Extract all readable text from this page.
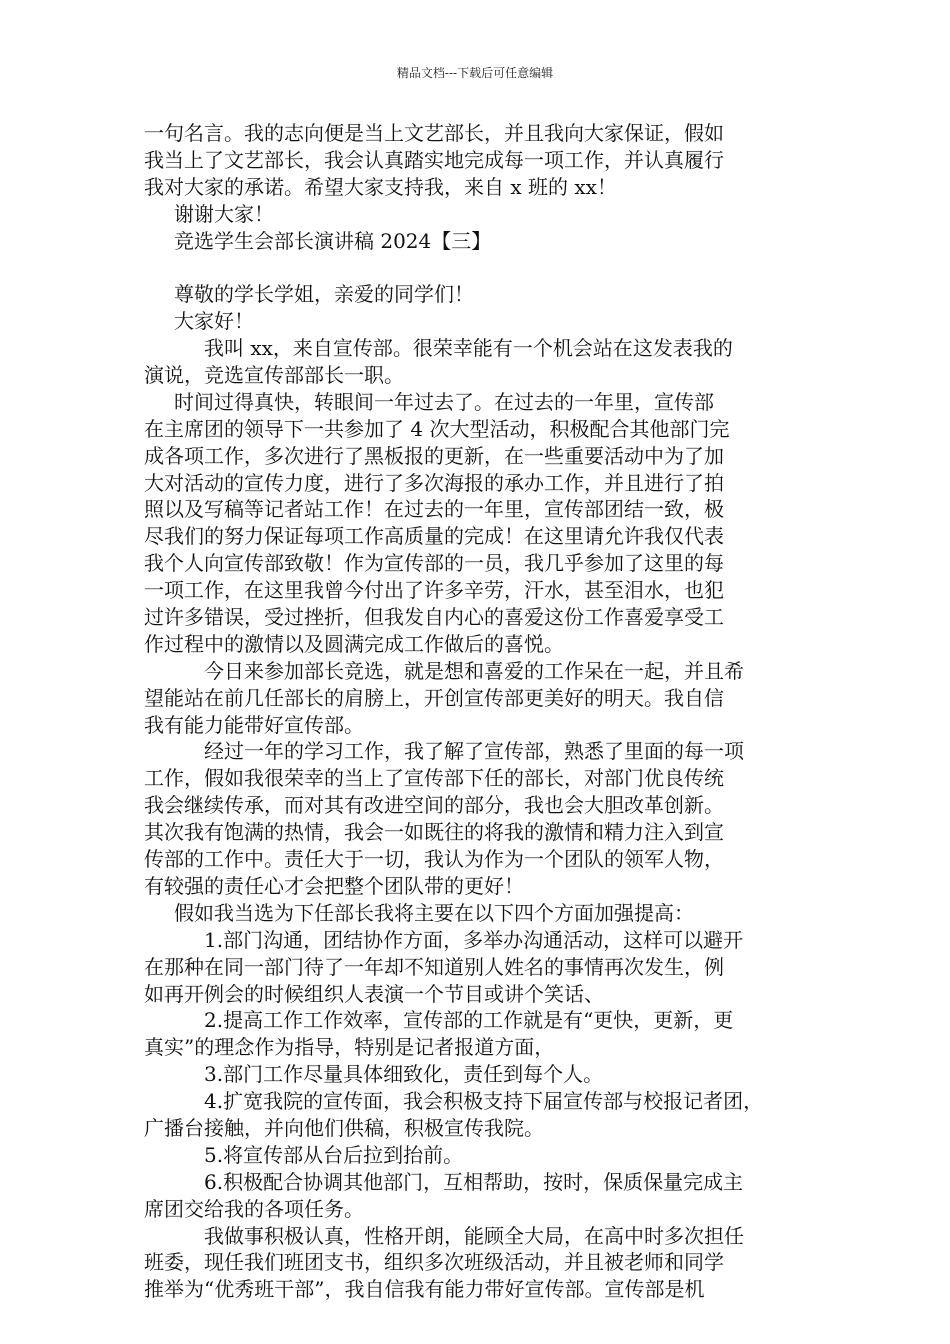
精品文档---下载后可任意编辑
一句名言。我的志向便是当上文艺部长，并且我向大家保证，假如
我当上了文艺部长，我会认真踏实地完成每一项工作，并认真履行
我对大家的承诺。希望大家支持我，来自 x 班的 xx！
谢谢大家！
竞选学生会部长演讲稿 2024【三】
尊敬的学长学姐，亲爱的同学们！
大家好！
我叫 xx，来自宣传部。很荣幸能有一个机会站在这发表我的
演说，竞选宣传部部长一职。
时间过得真快，转眼间一年过去了。在过去的一年里，宣传部
在主席团的领导下一共参加了 4 次大型活动，积极配合其他部门完
成各项工作，多次进行了黑板报的更新，在一些重要活动中为了加
大对活动的宣传力度，进行了多次海报的承办工作，并且进行了拍
照以及写稿等记者站工作！在过去的一年里，宣传部团结一致，极
尽我们的努力保证每项工作高质量的完成！在这里请允许我仅代表
我个人向宣传部致敬！作为宣传部的一员，我几乎参加了这里的每
一项工作，在这里我曾今付出了许多辛劳，汗水，甚至泪水，也犯
过许多错误，受过挫折，但我发自内心的喜爱这份工作喜爱享受工
作过程中的激情以及圆满完成工作做后的喜悦。
今日来参加部长竞选，就是想和喜爱的工作呆在一起，并且希
望能站在前几任部长的肩膀上，开创宣传部更美好的明天。我自信
我有能力能带好宣传部。
经过一年的学习工作，我了解了宣传部，熟悉了里面的每一项
工作，假如我很荣幸的当上了宣传部下任的部长，对部门优良传统
我会继续传承，而对其有改进空间的部分，我也会大胆改革创新。
其次我有饱满的热情，我会一如既往的将我的激情和精力注入到宣
传部的工作中。责任大于一切，我认为作为一个团队的领军人物，
有较强的责任心才会把整个团队带的更好！
假如我当选为下任部长我将主要在以下四个方面加强提高：
1.部门沟通，团结协作方面，多举办沟通活动，这样可以避开
在那种在同一部门待了一年却不知道别人姓名的事情再次发生，例
如再开例会的时候组织人表演一个节目或讲个笑话、
2.提高工作工作效率，宣传部的工作就是有“更快，更新，更
真实”的理念作为指导，特别是记者报道方面，
3.部门工作尽量具体细致化，责任到每个人。
4.扩宽我院的宣传面，我会积极支持下届宣传部与校报记者团，
广播台接触，并向他们供稿，积极宣传我院。
5.将宣传部从台后拉到抬前。
6.积极配合协调其他部门，互相帮助，按时，保质保量完成主
席团交给我的各项任务。
我做事积极认真，性格开朗，能顾全大局，在高中时多次担任
班委，现任我们班团支书，组织多次班级活动，并且被老师和同学
推举为“优秀班干部”，我自信我有能力带好宣传部。宣传部是机
